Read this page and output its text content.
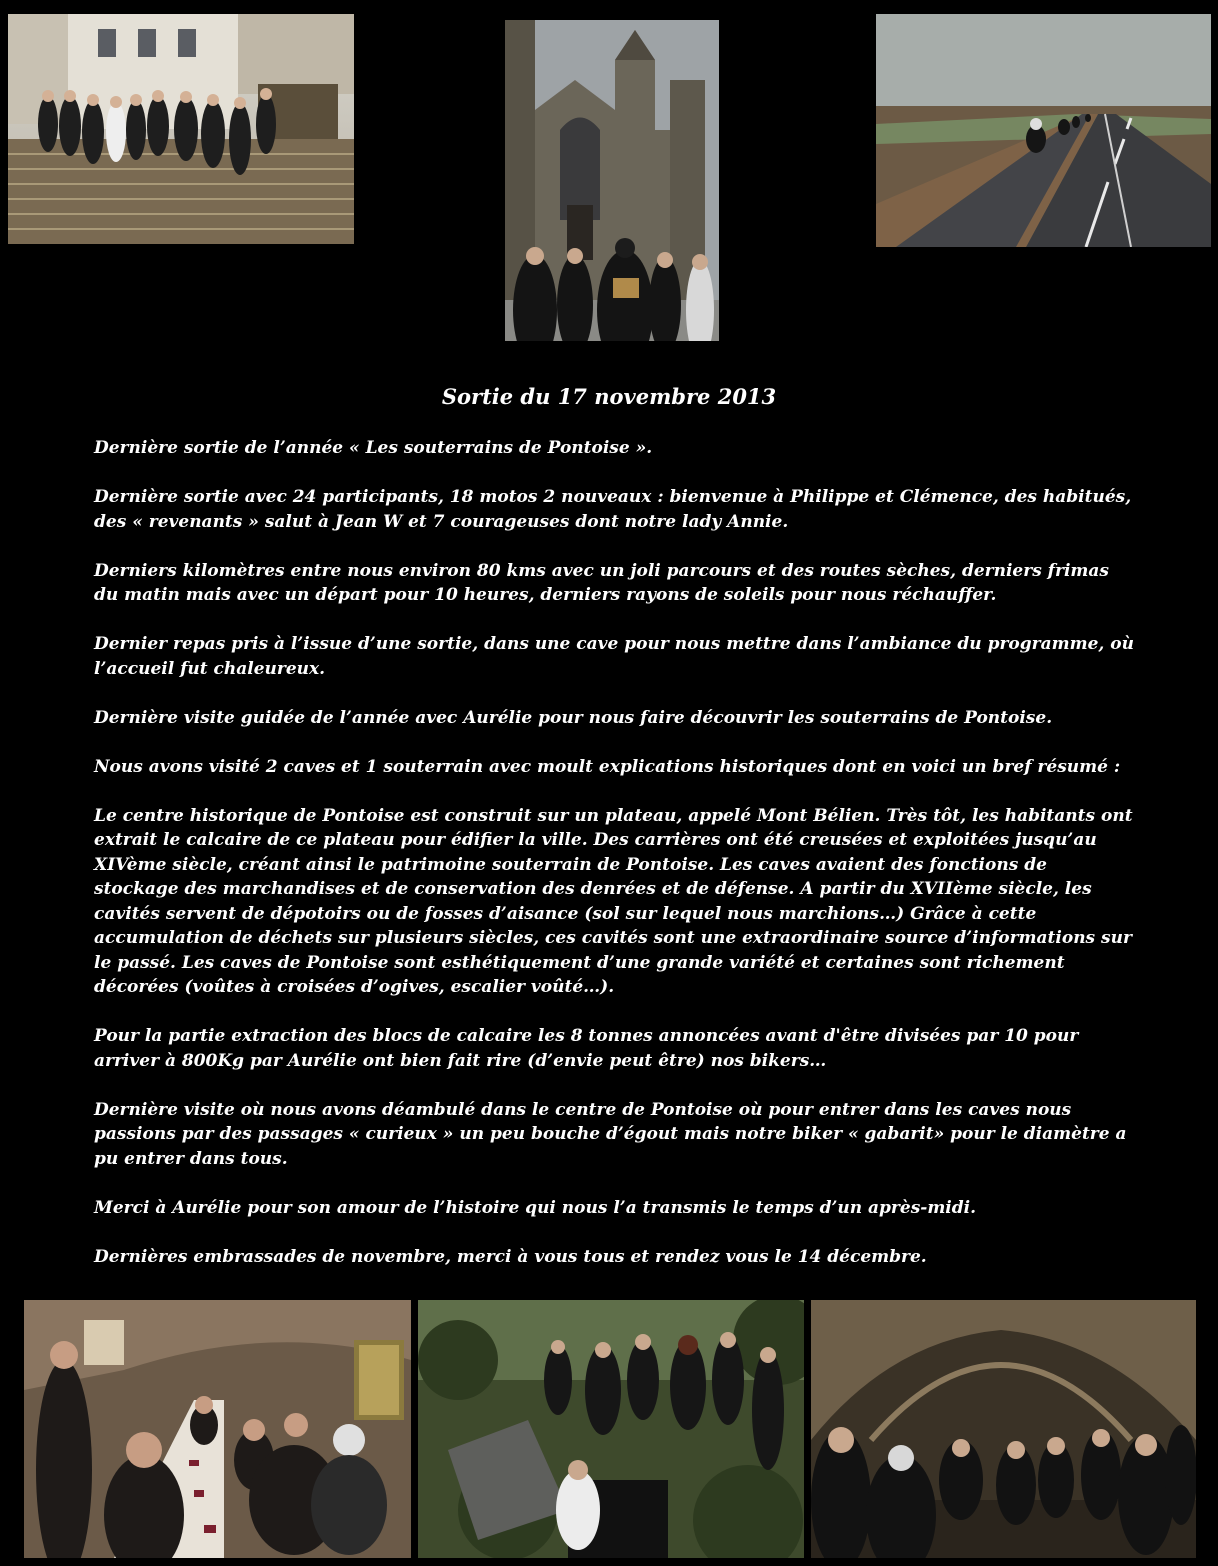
Sortie du 17 novembre 2013

Dernière sortie de l’année « Les souterrains de Pontoise ».

Dernière sortie avec 24 participants, 18 motos 2 nouveaux : bienvenue à Philippe et Clémence, des habitués, des « revenants » salut à Jean W et 7 courageuses dont notre lady Annie.

Derniers kilomètres entre nous environ 80 kms avec un joli parcours et des routes sèches, derniers frimas du matin mais avec un départ pour 10 heures, derniers rayons de soleils pour nous réchauffer.

Dernier repas pris à l’issue d’une sortie, dans une cave pour nous mettre dans l’ambiance du programme, où l’accueil fut chaleureux.

Dernière visite guidée de l’année avec Aurélie pour nous faire découvrir les souterrains de Pontoise.

Nous avons visité 2 caves et 1 souterrain avec moult explications historiques dont en voici un bref résumé :

Le centre historique de Pontoise est construit sur un plateau, appelé Mont Bélien. Très tôt, les habitants ont extrait le calcaire de ce plateau pour édifier la ville. Des carrières ont été creusées et exploitées jusqu’au XIVème siècle, créant ainsi le patrimoine souterrain de Pontoise. Les caves avaient des fonctions de stockage des marchandises et de conservation des denrées et de défense. A partir du XVIIème siècle, les cavités servent de dépotoirs ou de fosses d’aisance (sol sur lequel nous marchions…) Grâce à cette accumulation de déchets sur plusieurs siècles, ces cavités sont une extraordinaire source d’informations sur le passé. Les caves de Pontoise sont esthétiquement d’une grande variété et certaines sont richement décorées (voûtes à croisées d’ogives, escalier voûté…).

Pour la partie extraction des blocs de calcaire les 8 tonnes annoncées avant d'être divisées par 10 pour arriver à 800Kg par Aurélie ont bien fait rire (d’envie peut être) nos bikers…

Dernière visite où nous avons déambulé dans le centre de Pontoise où pour entrer dans les caves nous passions par des passages « curieux » un peu bouche d’égout mais notre biker « gabarit» pour le diamètre a pu entrer dans tous.

Merci à Aurélie pour son amour de l’histoire qui nous l’a transmis le temps d’un après-midi.

Dernières embrassades de novembre, merci à vous tous et rendez vous le 14 décembre.
